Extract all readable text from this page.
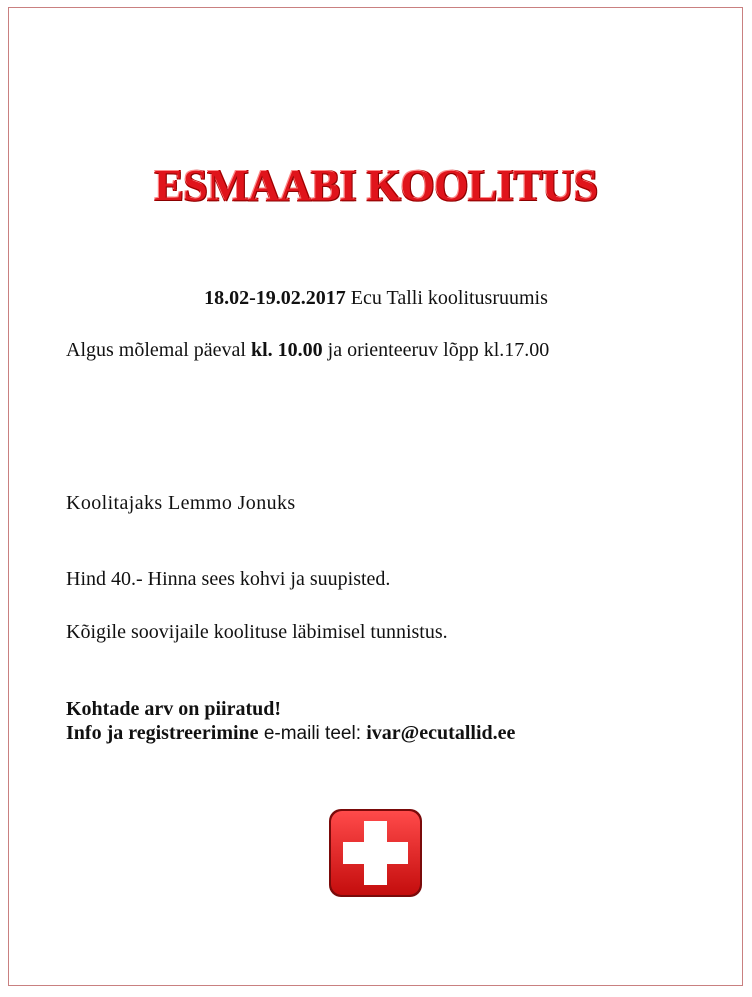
ESMAABI KOOLITUS
18.02-19.02.2017 Ecu Talli koolitusruumis
Algus mõlemal päeval kl. 10.00 ja orienteeruv lõpp kl.17.00
Koolitajaks Lemmo Jonuks
Hind 40.- Hinna sees kohvi ja suupisted.
Kõigile soovijaile koolituse läbimisel tunnistus.
Kohtade arv on piiratud!
Info ja registreerimine e-maili teel: ivar@ecutallid.ee
